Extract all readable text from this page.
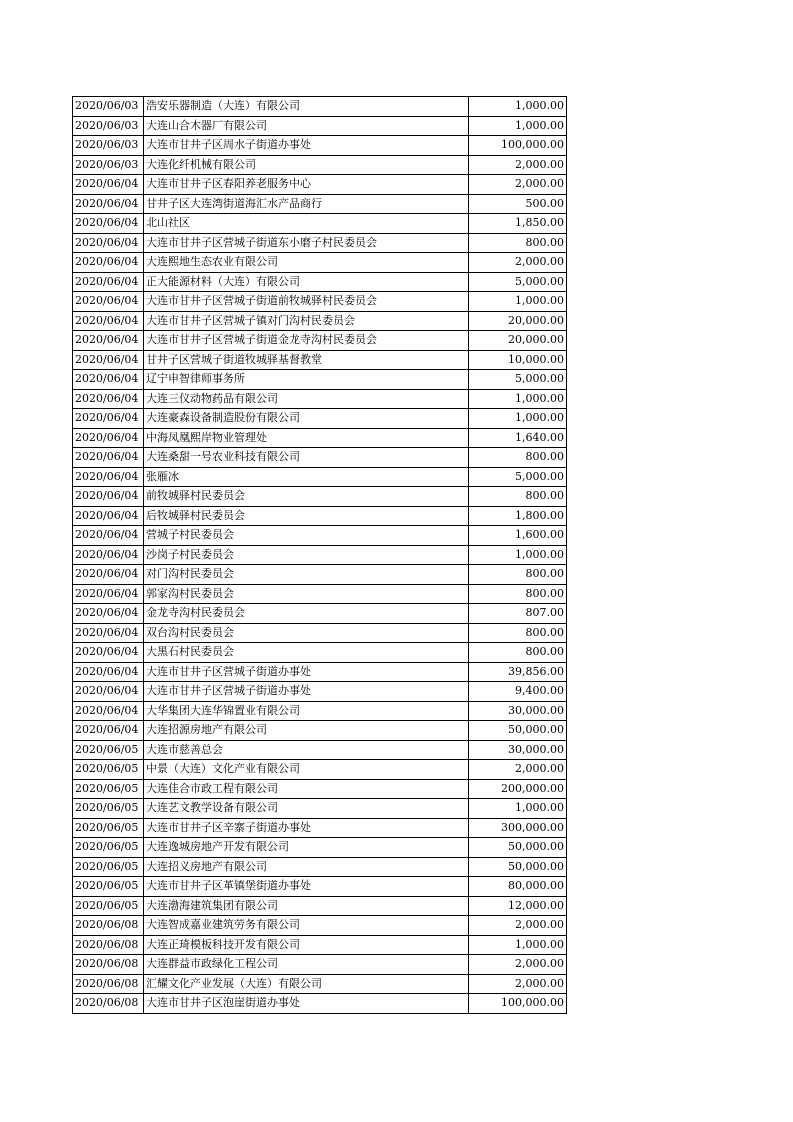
2020/06/03	浩安乐器制造（大连）有限公司	1,000.00
2020/06/03	大连山合木器厂有限公司	1,000.00
2020/06/03	大连市甘井子区周水子街道办事处	100,000.00
2020/06/03	大连化纤机械有限公司	2,000.00
2020/06/04	大连市甘井子区春阳养老服务中心	2,000.00
2020/06/04	甘井子区大连湾街道海汇水产品商行	500.00
2020/06/04	北山社区	1,850.00
2020/06/04	大连市甘井子区营城子街道东小磨子村民委员会	800.00
2020/06/04	大连熙地生态农业有限公司	2,000.00
2020/06/04	正大能源材料（大连）有限公司	5,000.00
2020/06/04	大连市甘井子区营城子街道前牧城驿村民委员会	1,000.00
2020/06/04	大连市甘井子区营城子镇对门沟村民委员会	20,000.00
2020/06/04	大连市甘井子区营城子街道金龙寺沟村民委员会	20,000.00
2020/06/04	甘井子区营城子街道牧城驿基督教堂	10,000.00
2020/06/04	辽宁申智律师事务所	5,000.00
2020/06/04	大连三仪动物药品有限公司	1,000.00
2020/06/04	大连豪森设备制造股份有限公司	1,000.00
2020/06/04	中海凤凰熙岸物业管理处	1,640.00
2020/06/04	大连桑甜一号农业科技有限公司	800.00
2020/06/04	张雁冰	5,000.00
2020/06/04	前牧城驿村民委员会	800.00
2020/06/04	后牧城驿村民委员会	1,800.00
2020/06/04	营城子村民委员会	1,600.00
2020/06/04	沙岗子村民委员会	1,000.00
2020/06/04	对门沟村民委员会	800.00
2020/06/04	郭家沟村民委员会	800.00
2020/06/04	金龙寺沟村民委员会	807.00
2020/06/04	双台沟村民委员会	800.00
2020/06/04	大黑石村民委员会	800.00
2020/06/04	大连市甘井子区营城子街道办事处	39,856.00
2020/06/04	大连市甘井子区营城子街道办事处	9,400.00
2020/06/04	大华集团大连华锦置业有限公司	30,000.00
2020/06/04	大连招源房地产有限公司	50,000.00
2020/06/05	大连市慈善总会	30,000.00
2020/06/05	中景（大连）文化产业有限公司	2,000.00
2020/06/05	大连佳合市政工程有限公司	200,000.00
2020/06/05	大连艺文教学设备有限公司	1,000.00
2020/06/05	大连市甘井子区辛寨子街道办事处	300,000.00
2020/06/05	大连逸城房地产开发有限公司	50,000.00
2020/06/05	大连招义房地产有限公司	50,000.00
2020/06/05	大连市甘井子区革镇堡街道办事处	80,000.00
2020/06/05	大连渤海建筑集团有限公司	12,000.00
2020/06/08	大连智成嘉业建筑劳务有限公司	2,000.00
2020/06/08	大连正琦模板科技开发有限公司	1,000.00
2020/06/08	大连群益市政绿化工程公司	2,000.00
2020/06/08	汇耀文化产业发展（大连）有限公司	2,000.00
2020/06/08	大连市甘井子区泡崖街道办事处	100,000.00
